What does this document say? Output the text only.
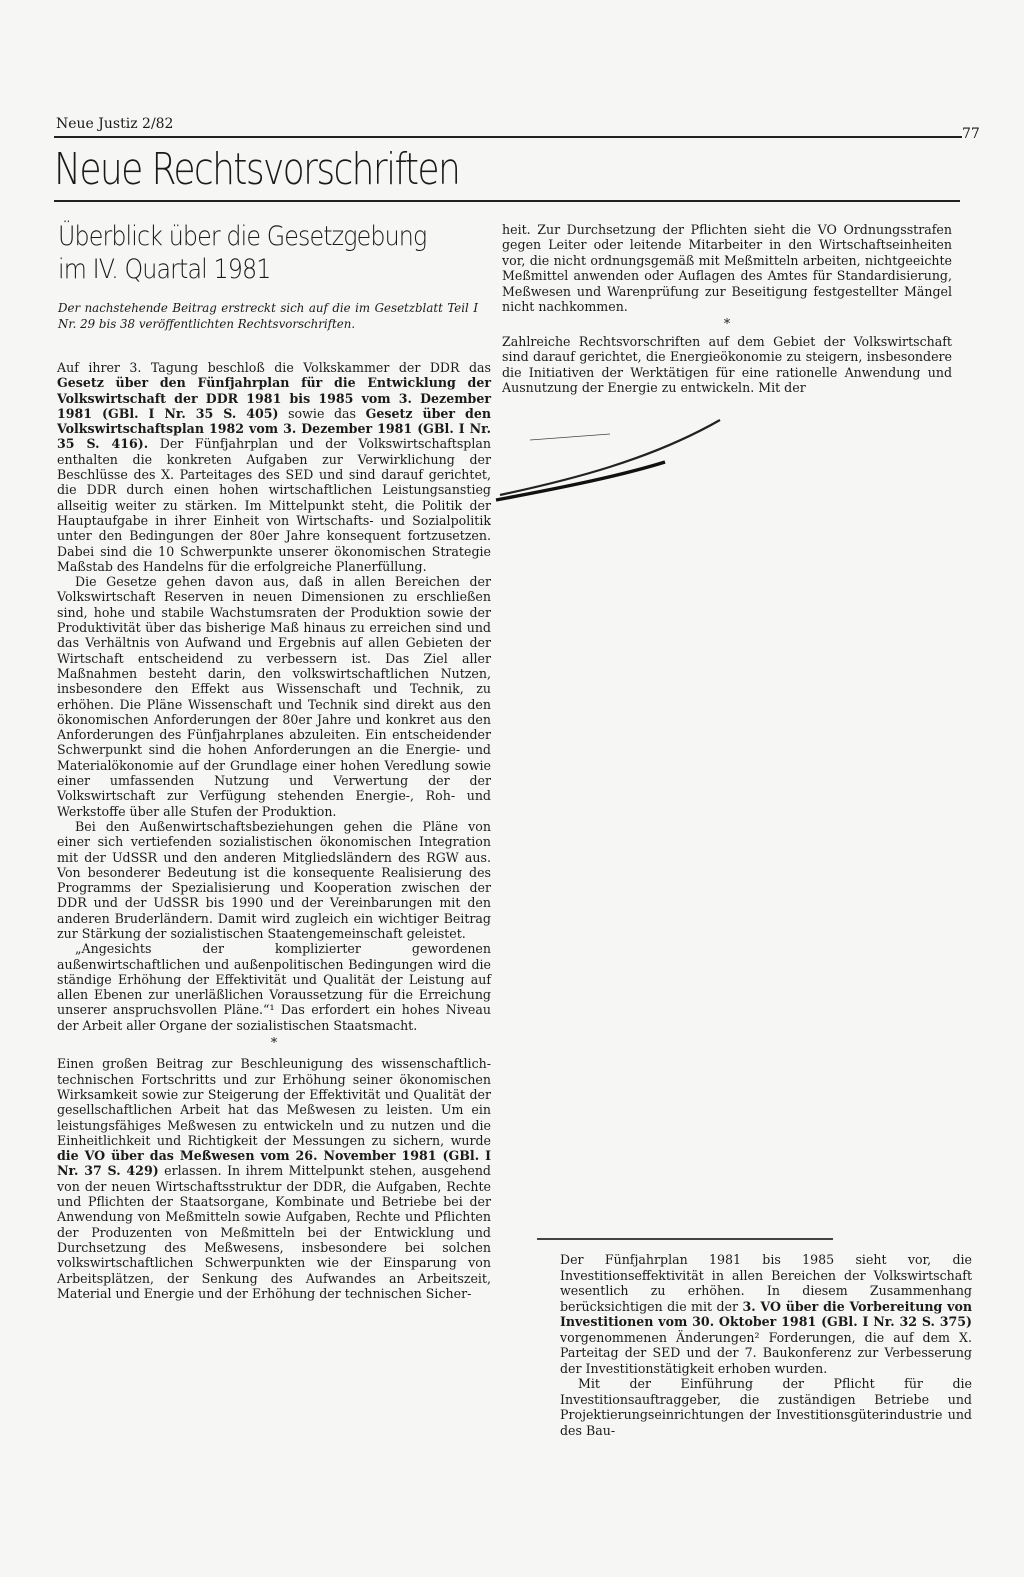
Neue Justiz 2/82
77
Neue Rechtsvorschriften
Überblick über die Gesetzgebung
im IV. Quartal 1981
Der nachstehende Beitrag erstreckt sich auf die im Gesetzblatt Teil I Nr. 29 bis 38 veröffentlichten Rechtsvorschriften.

Auf ihrer 3. Tagung beschloß die Volkskammer der DDR das Gesetz über den Fünfjahrplan für die Entwicklung der Volkswirtschaft der DDR 1981 bis 1985 vom 3. Dezember 1981 (GBl. I Nr. 35 S. 405) sowie das Gesetz über den Volkswirtschaftsplan 1982 vom 3. Dezember 1981 (GBl. I Nr. 35 S. 416). Der Fünfjahrplan und der Volkswirtschaftsplan enthalten die konkreten Aufgaben zur Verwirklichung der Beschlüsse des X. Parteitages des SED und sind darauf gerichtet, die DDR durch einen hohen wirtschaftlichen Leistungsanstieg allseitig weiter zu stärken. Im Mittelpunkt steht, die Politik der Hauptaufgabe in ihrer Einheit von Wirtschafts- und Sozialpolitik unter den Bedingungen der 80er Jahre konsequent fortzusetzen. Dabei sind die 10 Schwerpunkte unserer ökonomischen Strategie Maßstab des Handelns für die erfolgreiche Planerfüllung.

Die Gesetze gehen davon aus, daß in allen Bereichen der Volkswirtschaft Reserven in neuen Dimensionen zu erschließen sind, hohe und stabile Wachstumsraten der Produktion sowie der Produktivität über das bisherige Maß hinaus zu erreichen sind und das Verhältnis von Aufwand und Ergebnis auf allen Gebieten der Wirtschaft entscheidend zu verbessern ist. Das Ziel aller Maßnahmen besteht darin, den volkswirtschaftlichen Nutzen, insbesondere den Effekt aus Wissenschaft und Technik, zu erhöhen. Die Pläne Wissenschaft und Technik sind direkt aus den ökonomischen Anforderungen der 80er Jahre und konkret aus den Anforderungen des Fünfjahrplanes abzuleiten. Ein entscheidender Schwerpunkt sind die hohen Anforderungen an die Energie- und Materialökonomie auf der Grundlage einer hohen Veredlung sowie einer umfassenden Nutzung und Verwertung der der Volkswirtschaft zur Verfügung stehenden Energie-, Roh- und Werkstoffe über alle Stufen der Produktion.

Bei den Außenwirtschaftsbeziehungen gehen die Pläne von einer sich vertiefenden sozialistischen ökonomischen Integration mit der UdSSR und den anderen Mitgliedsländern des RGW aus. Von besonderer Bedeutung ist die konsequente Realisierung des Programms der Spezialisierung und Kooperation zwischen der DDR und der UdSSR bis 1990 und der Vereinbarungen mit den anderen Bruderländern. Damit wird zugleich ein wichtiger Beitrag zur Stärkung der sozialistischen Staatengemeinschaft geleistet.

„Angesichts der komplizierter gewordenen außenwirtschaftlichen und außenpolitischen Bedingungen wird die ständige Erhöhung der Effektivität und Qualität der Leistung auf allen Ebenen zur unerläßlichen Voraussetzung für die Erreichung unserer anspruchsvollen Pläne.“¹ Das erfordert ein hohes Niveau der Arbeit aller Organe der sozialistischen Staatsmacht.

*

Einen großen Beitrag zur Beschleunigung des wissenschaftlich-technischen Fortschritts und zur Erhöhung seiner ökonomischen Wirksamkeit sowie zur Steigerung der Effektivität und Qualität der gesellschaftlichen Arbeit hat das Meßwesen zu leisten. Um ein leistungsfähiges Meßwesen zu entwickeln und zu nutzen und die Einheitlichkeit und Richtigkeit der Messungen zu sichern, wurde die VO über das Meßwesen vom 26. November 1981 (GBl. I Nr. 37 S. 429) erlassen. In ihrem Mittelpunkt stehen, ausgehend von der neuen Wirtschaftsstruktur der DDR, die Aufgaben, Rechte und Pflichten der Staatsorgane, Kombinate und Betriebe bei der Anwendung von Meßmitteln sowie Aufgaben, Rechte und Pflichten der Produzenten von Meßmitteln bei der Entwicklung und Durchsetzung des Meßwesens, insbesondere bei solchen volkswirtschaftlichen Schwerpunkten wie der Einsparung von Arbeitsplätzen, der Senkung des Aufwandes an Arbeitszeit, Material und Energie und der Erhöhung der technischen Sicher-

heit. Zur Durchsetzung der Pflichten sieht die VO Ordnungsstrafen gegen Leiter oder leitende Mitarbeiter in den Wirtschaftseinheiten vor, die nicht ordnungsgemäß mit Meßmitteln arbeiten, nichtgeeichte Meßmittel anwenden oder Auflagen des Amtes für Standardisierung, Meßwesen und Warenprüfung zur Beseitigung festgestellter Mängel nicht nachkommen.

*

Zahlreiche Rechtsvorschriften auf dem Gebiet der Volkswirtschaft sind darauf gerichtet, die Energieökonomie zu steigern, insbesondere die Initiativen der Werktätigen für eine rationelle Anwendung und Ausnutzung der Energie zu entwickeln. Mit der

Der Fünfjahrplan 1981 bis 1985 sieht vor, die Investitionseffektivität in allen Bereichen der Volkswirtschaft wesentlich zu erhöhen. In diesem Zusammenhang berücksichtigen die mit der 3. VO über die Vorbereitung von Investitionen vom 30. Oktober 1981 (GBl. I Nr. 32 S. 375) vorgenommenen Änderungen² Forderungen, die auf dem X. Parteitag der SED und der 7. Baukonferenz zur Verbesserung der Investitionstätigkeit erhoben wurden.

Mit der Einführung der Pflicht für die Investitionsauftraggeber, die zuständigen Betriebe und Projektierungseinrichtungen der Investitionsgüterindustrie und des Bau-
